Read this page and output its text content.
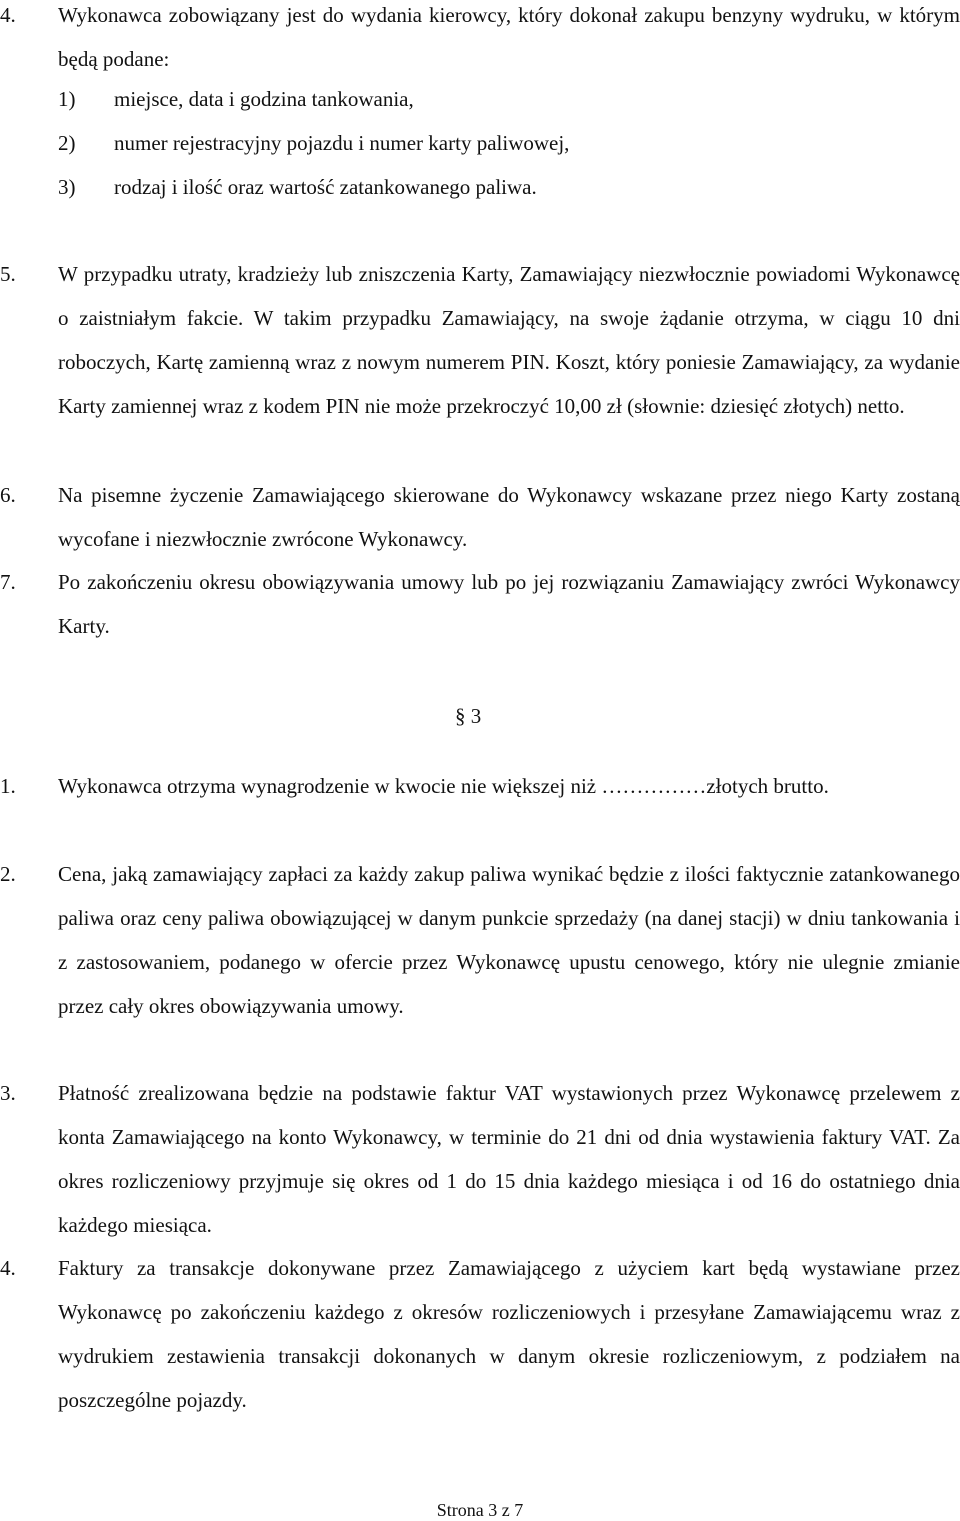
4. Wykonawca zobowiązany jest do wydania kierowcy, który dokonał zakupu benzyny wydruku, w którym będą podane:
1) miejsce, data i godzina tankowania,
2) numer rejestracyjny pojazdu i numer karty paliwowej,
3) rodzaj i ilość oraz wartość zatankowanego paliwa.
5. W przypadku utraty, kradzieży lub zniszczenia Karty, Zamawiający niezwłocznie powiadomi Wykonawcę o zaistniałym fakcie. W takim przypadku Zamawiający, na swoje żądanie otrzyma, w ciągu 10 dni roboczych, Kartę zamienną wraz z nowym numerem PIN. Koszt, który poniesie Zamawiający, za wydanie Karty zamiennej wraz z kodem PIN nie może przekroczyć 10,00 zł (słownie: dziesięć złotych) netto.
6. Na pisemne życzenie Zamawiającego skierowane do Wykonawcy wskazane przez niego Karty zostaną wycofane i niezwłocznie zwrócone Wykonawcy.
7. Po zakończeniu okresu obowiązywania umowy lub po jej rozwiązaniu Zamawiający zwróci Wykonawcy Karty.
§ 3
1. Wykonawca otrzyma wynagrodzenie w kwocie nie większej niż ……………złotych brutto.
2. Cena, jaką zamawiający zapłaci za każdy zakup paliwa wynikać będzie z ilości faktycznie zatankowanego paliwa oraz ceny paliwa obowiązującej w danym punkcie sprzedaży (na danej stacji) w dniu tankowania i z zastosowaniem, podanego w ofercie przez Wykonawcę upustu cenowego, który nie ulegnie zmianie przez cały okres obowiązywania umowy.
3. Płatność zrealizowana będzie na podstawie faktur VAT wystawionych przez Wykonawcę przelewem z konta Zamawiającego na konto Wykonawcy, w terminie do 21 dni od dnia wystawienia faktury VAT. Za okres rozliczeniowy przyjmuje się okres od 1 do 15 dnia każdego miesiąca i od 16 do ostatniego dnia każdego miesiąca.
4. Faktury za transakcje dokonywane przez Zamawiającego z użyciem kart będą wystawiane przez Wykonawcę po zakończeniu każdego z okresów rozliczeniowych i przesyłane Zamawiającemu wraz z wydrukiem zestawienia transakcji dokonanych w danym okresie rozliczeniowym, z podziałem na poszczególne pojazdy.
Strona 3 z 7
